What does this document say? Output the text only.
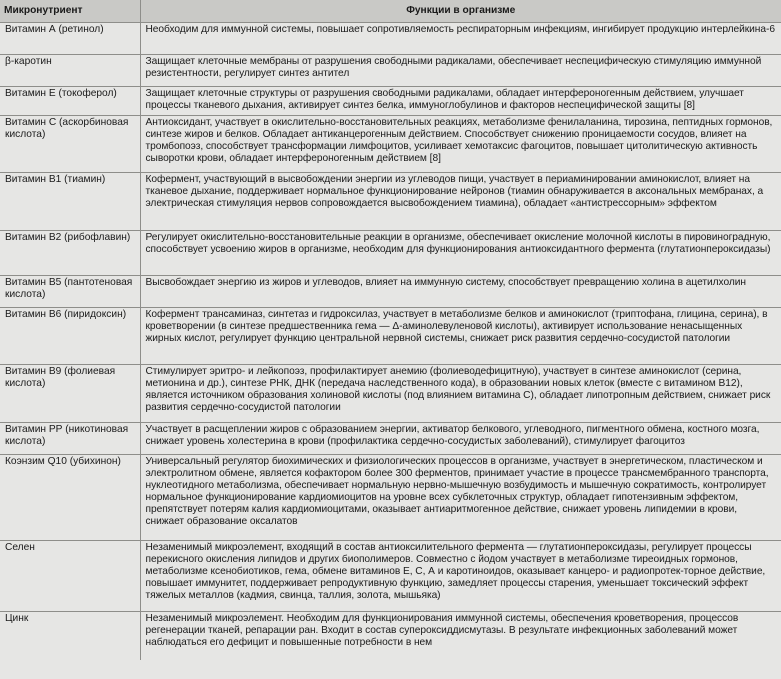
Микронутриент	Функции в организме
Витамин А (ретинол)	Необходим для иммунной системы, повышает сопротивляемость респираторным инфекциям, ингибирует продукцию интерлейкина-6
β-каротин	Защищает клеточные мембраны от разрушения свободными радикалами, обеспечивает неспецифическую стимуляцию иммунной резистентности, регулирует синтез антител
Витамин Е (токоферол)	Защищает клеточные структуры от разрушения свободными радикалами, обладает интерфероногенным действием, улучшает процессы тканевого дыхания, активирует синтез белка, иммуноглобулинов и факторов неспецифической защиты [8]
Витамин С (аскорбиновая кислота)	Антиоксидант, участвует в окислительно-восстановительных реакциях, метаболизме фенилаланина, тирозина, пептидных гормонов, синтезе жиров и белков. Обладает антиканцерогенным действием. Способствует снижению проницаемости сосудов, влияет на тромбопоэз, способствует трансформации лимфоцитов, усиливает хемотаксис фагоцитов, повышает цитолитическую активность сыворотки крови, обладает интерфероногенным действием [8]
Витамин B1 (тиамин)	Кофермент, участвующий в высвобождении энергии из углеводов пищи, участвует в периаминировании аминокислот, влияет на тканевое дыхание, поддерживает нормальное функционирование нейронов (тиамин обнаруживается в аксональных мембранах, а электрическая стимуляция нервов сопровождается высвобождением тиамина), обладает «антистрессорным» эффектом
Витамин B2 (рибофлавин)	Регулирует окислительно-восстановительные реакции в организме, обеспечивает окисление молочной кислоты в пировиноградную, способствует усвоению жиров в организме, необходим для функционирования антиоксидантного фермента (глутатионпероксидазы)
Витамин B5 (пантотеновая кислота)	Высвобождает энергию из жиров и углеводов, влияет на иммунную систему, способствует превращению холина в ацетилхолин
Витамин B6 (пиридоксин)	Кофермент трансаминаз, синтетаз и гидроксилаз, участвует в метаболизме белков и аминокислот (триптофана, глицина, серина), в кроветворении (в синтезе предшественника гема — Δ-аминолевуленовой кислоты), активирует использование ненасыщенных жирных кислот, регулирует функцию центральной нервной системы, снижает риск развития сердечно-сосудистой патологии
Витамин B9 (фолиевая кислота)	Стимулирует эритро- и лейкопоэз, профилактирует анемию (фолиеводефицитную), участвует в синтезе аминокислот (серина, метионина и др.), синтезе РНК, ДНК (передача наследственного кода), в образовании новых клеток (вместе с витамином B12), является источником образования холиновой кислоты (под влиянием витамина С), обладает липотропным действием, снижает риск развития сердечно-сосудистой патологии
Витамин РР (никотиновая кислота)	Участвует в расщеплении жиров с образованием энергии, активатор белкового, углеводного, пигментного обмена, костного мозга, снижает уровень холестерина в крови (профилактика сердечно-сосудистых заболеваний), стимулирует фагоцитоз
Коэнзим Q10 (убихинон)	Универсальный регулятор биохимических и физиологических процессов в организме, участвует в энергетическом, пластическом и электролитном обмене, является кофактором более 300 ферментов, принимает участие в процессе трансмембранного транспорта, нуклеотидного метаболизма, обеспечивает нормальную нервно-мышечную возбудимость и мышечную сократимость, контролирует нормальное функционирование кардиомиоцитов на уровне всех субклеточных структур, обладает гипотензивным эффектом, препятствует потерям калия кардиомиоцитами, оказывает антиаритмогенное действие, снижает уровень липидемии в крови, снижает образование оксалатов
Селен	Незаменимый микроэлемент, входящий в состав антиоксилительного фермента — глутатионпероксидазы, регулирует процессы перекисного окисления липидов и других биополимеров. Совместно с йодом участвует в метаболизме тиреоидных гормонов, метаболизме ксенобиотиков, гема, обмене витаминов Е, С, А и каротиноидов, оказывает канцеро- и радиопротек-торное действие, повышает иммунитет, поддерживает репродуктивную функцию, замедляет процессы старения, уменьшает токсический эффект тяжелых металлов (кадмия, свинца, таллия, золота, мышьяка)
Цинк	Незаменимый микроэлемент. Необходим для функционирования иммунной системы, обеспечения кроветворения, процессов регенерации тканей, репарации ран. Входит в состав супероксиддисмутазы. В результате инфекционных заболеваний может наблюдаться его дефицит и повышенные потребности в нем
